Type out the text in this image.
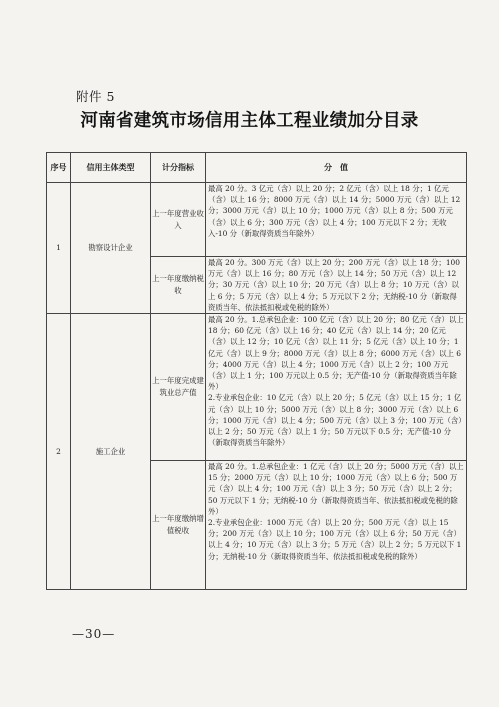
附件 5
河南省建筑市场信用主体工程业绩加分目录
序号	信用主体类型	计分指标	分　值
1	勘察设计企业	上一年度营业收入	最高 20 分。3 亿元（含）以上 20 分；2 亿元（含）以上 18 分；1 亿元（含）以上 16 分；8000 万元（含）以上 14 分；5000 万元（含）以上 12 分；3000 万元（含）以上 10 分；1000 万元（含）以上 8 分；500 万元（含）以上 6 分；300 万元（含）以上 4 分；100 万元以下 2 分；无收入-10 分（新取得资质当年除外）
		上一年度缴纳税收	最高 20 分。300 万元（含）以上 20 分；200 万元（含）以上 18 分；100 万元（含）以上 16 分；80 万元（含）以上 14 分；50 万元（含）以上 12 分；30 万元（含）以上 10 分；20 万元（含）以上 8 分；10 万元（含）以上 6 分；5 万元（含）以上 4 分；5 万元以下 2 分；无纳税-10 分（新取得资质当年、依法抵扣税或免税的除外）
2	施工企业	上一年度完成建筑业总产值	最高 20 分。1.总承包企业：100 亿元（含）以上 20 分；80 亿元（含）以上 18 分；60 亿元（含）以上 16 分；40 亿元（含）以上 14 分；20 亿元（含）以上 12 分；10 亿元（含）以上 11 分；5 亿元（含）以上 10 分；1 亿元（含）以上 9 分；8000 万元（含）以上 8 分；6000 万元（含）以上 6 分；4000 万元（含）以上 4 分；1000 万元（含）以上 2 分；100 万元（含）以上 1 分；100 万元以上 0.5 分；无产值-10 分（新取得资质当年除外）
2.专业承包企业：10 亿元（含）以上 20 分；5 亿元（含）以上 15 分；1 亿元（含）以上 10 分；5000 万元（含）以上 8 分；3000 万元（含）以上 6 分；1000 万元（含）以上 4 分；500 万元（含）以上 3 分；100 万元（含）以上 2 分；50 万元（含）以上 1 分；50 万元以下 0.5 分；无产值-10 分（新取得资质当年除外）
		上一年度缴纳增值税收	最高 20 分。1.总承包企业：1 亿元（含）以上 20 分；5000 万元（含）以上 15 分；2000 万元（含）以上 10 分；1000 万元（含）以上 6 分；500 万元（含）以上 4 分；100 万元（含）以上 3 分；50 万元（含）以上 2 分；50 万元以下 1 分；无纳税-10 分（新取得资质当年、依法抵扣税或免税的除外）
2.专业承包企业：1000 万元（含）以上 20 分；500 万元（含）以上 15 分；200 万元（含）以上 10 分；100 万元（含）以上 6 分；50 万元（含）以上 4 分；10 万元（含）以上 3 分；5 万元（含）以上 2 分；5 万元以下 1 分；无纳税-10 分（新取得资质当年、依法抵扣税或免税的除外）
—30—
